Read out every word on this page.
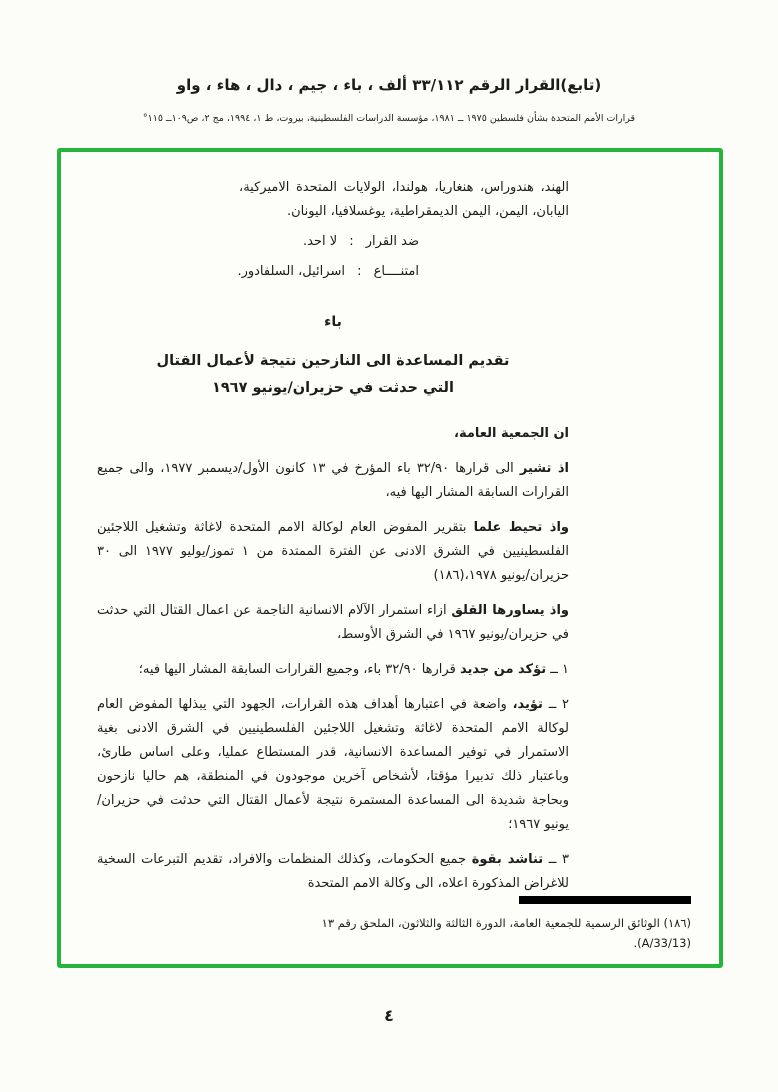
(تابع)القرار الرقم ٣٣/١١٢ ألف ، باء ، جيم ، دال ، هاء ، واو
قرارات الأمم المتحدة بشأن فلسطين ١٩٧٥ ــ ١٩٨١، مؤسسة الدراسات الفلسطينية، بيروت، ط ١، ١٩٩٤، مج ٢، ص١٠٩ــ ١١٥°
الهند، هندوراس، هنغاريا، هولندا، الولايات المتحدة الاميركية، اليابان، اليمن، اليمن الديمقراطية، يوغسلافيا، اليونان.
ضد القرار : لا احد.
امتنــــاع : اسرائيل، السلفادور.
باء
تقديم المساعدة الى النازحين نتيجة لأعمال القتال
التي حدثت في حزيران/يونيو ١٩٦٧
ان الجمعية العامة،
اذ تشير الى قرارها ٣٢/٩٠ باء المؤرخ في ١٣ كانون الأول/ديسمبر ١٩٧٧، والى جميع القرارات السابقة المشار اليها فيه،
واذ تحيط علما بتقرير المفوض العام لوكالة الامم المتحدة لاغاثة وتشغيل اللاجئين الفلسطينيين في الشرق الادنى عن الفترة الممتدة من ١ تموز/يوليو ١٩٧٧ الى ٣٠ حزيران/يونيو ١٩٧٨،(١٨٦)
واذ يساورها القلق ازاء استمرار الآلام الانسانية الناجمة عن اعمال القتال التي حدثت في حزيران/يونيو ١٩٦٧ في الشرق الأوسط،
١ ــ تؤكد من جديد قرارها ٣٢/٩٠ باء، وجميع القرارات السابقة المشار اليها فيه؛
٢ ــ تؤيد، واضعة في اعتبارها أهداف هذه القرارات، الجهود التي يبذلها المفوض العام لوكالة الامم المتحدة لاغاثة وتشغيل اللاجئين الفلسطينيين في الشرق الادنى بغية الاستمرار في توفير المساعدة الانسانية، قدر المستطاع عمليا، وعلى اساس طارئ، وباعتبار ذلك تدبيرا مؤقتا، لأشخاص آخرين موجودون في المنطقة، هم حاليا نازحون وبحاجة شديدة الى المساعدة المستمرة نتيجة لأعمال القتال التي حدثت في حزيران/يونيو ١٩٦٧؛
٣ ــ تناشد بقوة جميع الحكومات، وكذلك المنظمات والافراد، تقديم التبرعات السخية للاغراض المذكورة اعلاه، الى وكالة الامم المتحدة
(١٨٦) الوثائق الرسمية للجمعية العامة، الدورة الثالثة والثلاثون، الملحق رقم ١٣
(A/33/13).
٤
